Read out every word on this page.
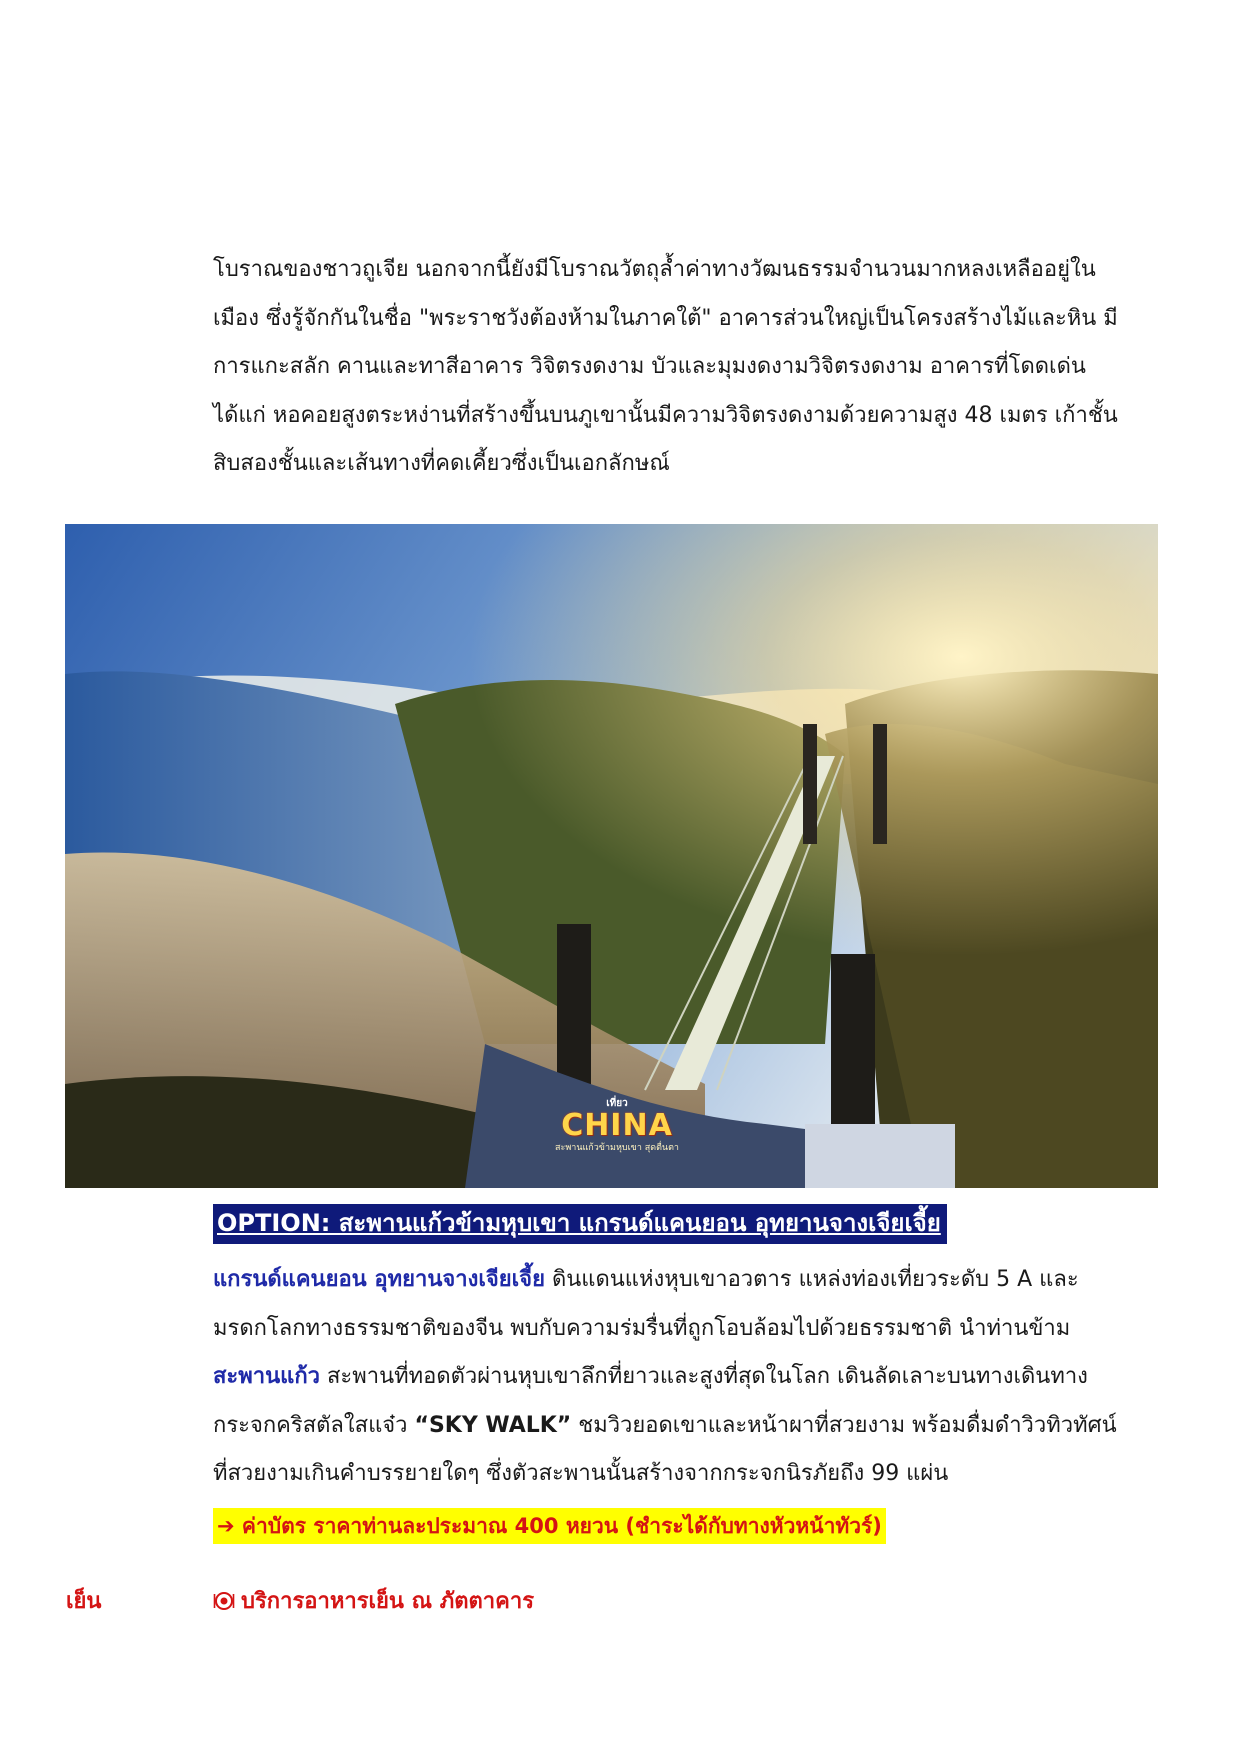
โบราณของชาวถูเจีย นอกจากนี้ยังมีโบราณวัตถุล้ำค่าทางวัฒนธรรมจำนวนมากหลงเหลืออยู่ใน

เมือง ซึ่งรู้จักกันในชื่อ "พระราชวังต้องห้ามในภาคใต้" อาคารส่วนใหญ่เป็นโครงสร้างไม้และหิน มี

การแกะสลัก คานและทาสีอาคาร วิจิตรงดงาม บัวและมุมงดงามวิจิตรงดงาม อาคารที่โดดเด่น

ได้แก่ หอคอยสูงตระหง่านที่สร้างขึ้นบนภูเขานั้นมีความวิจิตรงดงามด้วยความสูง 48 เมตร เก้าชั้น

สิบสองชั้นและเส้นทางที่คดเคี้ยวซึ่งเป็นเอกลักษณ์

เที่ยว
CHINA
สะพานแก้วข้ามหุบเขา สุดตื่นตา
OPTION: สะพานแก้วข้ามหุบเขา แกรนด์แคนยอน อุทยานจางเจียเจี้ย

แกรนด์แคนยอน อุทยานจางเจียเจี้ย ดินแดนแห่งหุบเขาอวตาร แหล่งท่องเที่ยวระดับ 5 A และ

มรดกโลกทางธรรมชาติของจีน พบกับความร่มรื่นที่ถูกโอบล้อมไปด้วยธรรมชาติ นำท่านข้าม

สะพานแก้ว สะพานที่ทอดตัวผ่านหุบเขาลึกที่ยาวและสูงที่สุดในโลก เดินลัดเลาะบนทางเดินทาง

กระจกคริสตัลใสแจ๋ว “SKY WALK” ชมวิวยอดเขาและหน้าผาที่สวยงาม พร้อมดื่มดำวิวทิวทัศน์

ที่สวยงามเกินคำบรรยายใดๆ ซึ่งตัวสะพานนั้นสร้างจากกระจกนิรภัยถึง 99 แผ่น

➔ ค่าบัตร ราคาท่านละประมาณ 400 หยวน (ชำระได้กับทางหัวหน้าทัวร์)
เย็น	บริการอาหารเย็น ณ ภัตตาคาร
